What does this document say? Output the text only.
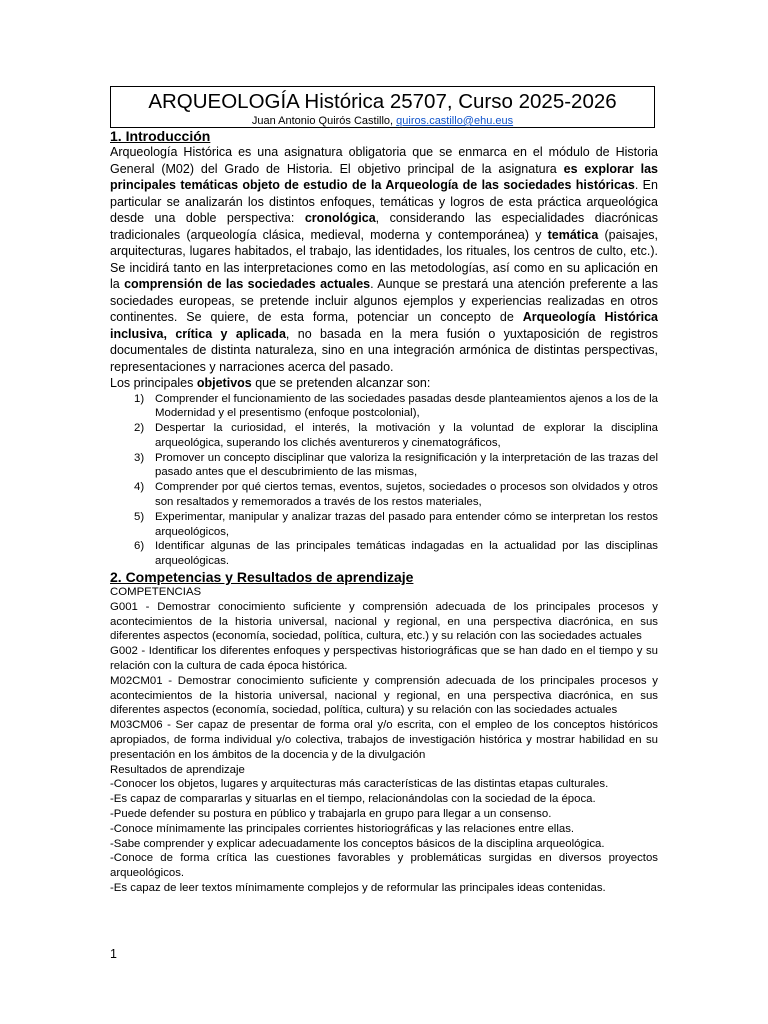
ARQUEOLOGÍA Histórica 25707, Curso 2025-2026

Juan Antonio Quirós Castillo, quiros.castillo@ehu.eus

1. Introducción

Arqueología Histórica es una asignatura obligatoria que se enmarca en el módulo de Historia General (M02) del Grado de Historia. El objetivo principal de la asignatura es explorar las principales temáticas objeto de estudio de la Arqueología de las sociedades históricas. En particular se analizarán los distintos enfoques, temáticas y logros de esta práctica arqueológica desde una doble perspectiva: cronológica, considerando las especialidades diacrónicas tradicionales (arqueología clásica, medieval, moderna y contemporánea) y temática (paisajes, arquitecturas, lugares habitados, el trabajo, las identidades, los rituales, los centros de culto, etc.). Se incidirá tanto en las interpretaciones como en las metodologías, así como en su aplicación en la comprensión de las sociedades actuales. Aunque se prestará una atención preferente a las sociedades europeas, se pretende incluir algunos ejemplos y experiencias realizadas en otros continentes. Se quiere, de esta forma, potenciar un concepto de Arqueología Histórica inclusiva, crítica y aplicada, no basada en la mera fusión o yuxtaposición de registros documentales de distinta naturaleza, sino en una integración armónica de distintas perspectivas, representaciones y narraciones acerca del pasado.

Los principales objetivos que se pretenden alcanzar son:

1) Comprender el funcionamiento de las sociedades pasadas desde planteamientos ajenos a los de la Modernidad y el presentismo (enfoque postcolonial),
2) Despertar la curiosidad, el interés, la motivación y la voluntad de explorar la disciplina arqueológica, superando los clichés aventureros y cinematográficos,
3) Promover un concepto disciplinar que valoriza la resignificación y la interpretación de las trazas del pasado antes que el descubrimiento de las mismas,
4) Comprender por qué ciertos temas, eventos, sujetos, sociedades o procesos son olvidados y otros son resaltados y rememorados a través de los restos materiales,
5) Experimentar, manipular y analizar trazas del pasado para entender cómo se interpretan los restos arqueológicos,
6) Identificar algunas de las principales temáticas indagadas en la actualidad por las disciplinas arqueológicas.
2. Competencias y Resultados de aprendizaje

COMPETENCIAS

G001 - Demostrar conocimiento suficiente y comprensión adecuada de los principales procesos y acontecimientos de la historia universal, nacional y regional, en una perspectiva diacrónica, en sus diferentes aspectos (economía, sociedad, política, cultura, etc.) y su relación con las sociedades actuales

G002 - Identificar los diferentes enfoques y perspectivas historiográficas que se han dado en el tiempo y su relación con la cultura de cada época histórica.

M02CM01 - Demostrar conocimiento suficiente y comprensión adecuada de los principales procesos y acontecimientos de la historia universal, nacional y regional, en una perspectiva diacrónica, en sus diferentes aspectos (economía, sociedad, política, cultura) y su relación con las sociedades actuales

M03CM06 - Ser capaz de presentar de forma oral y/o escrita, con el empleo de los conceptos históricos apropiados, de forma individual y/o colectiva, trabajos de investigación histórica y mostrar habilidad en su presentación en los ámbitos de la docencia y de la divulgación

Resultados de aprendizaje

-Conocer los objetos, lugares y arquitecturas más características de las distintas etapas culturales.

-Es capaz de compararlas y situarlas en el tiempo, relacionándolas con la sociedad de la época.

-Puede defender su postura en público y trabajarla en grupo para llegar a un consenso.

-Conoce mínimamente las principales corrientes historiográficas y las relaciones entre ellas.

-Sabe comprender y explicar adecuadamente los conceptos básicos de la disciplina arqueológica.

-Conoce de forma crítica las cuestiones favorables y problemáticas surgidas en diversos proyectos arqueológicos.

-Es capaz de leer textos mínimamente complejos y de reformular las principales ideas contenidas.

1
